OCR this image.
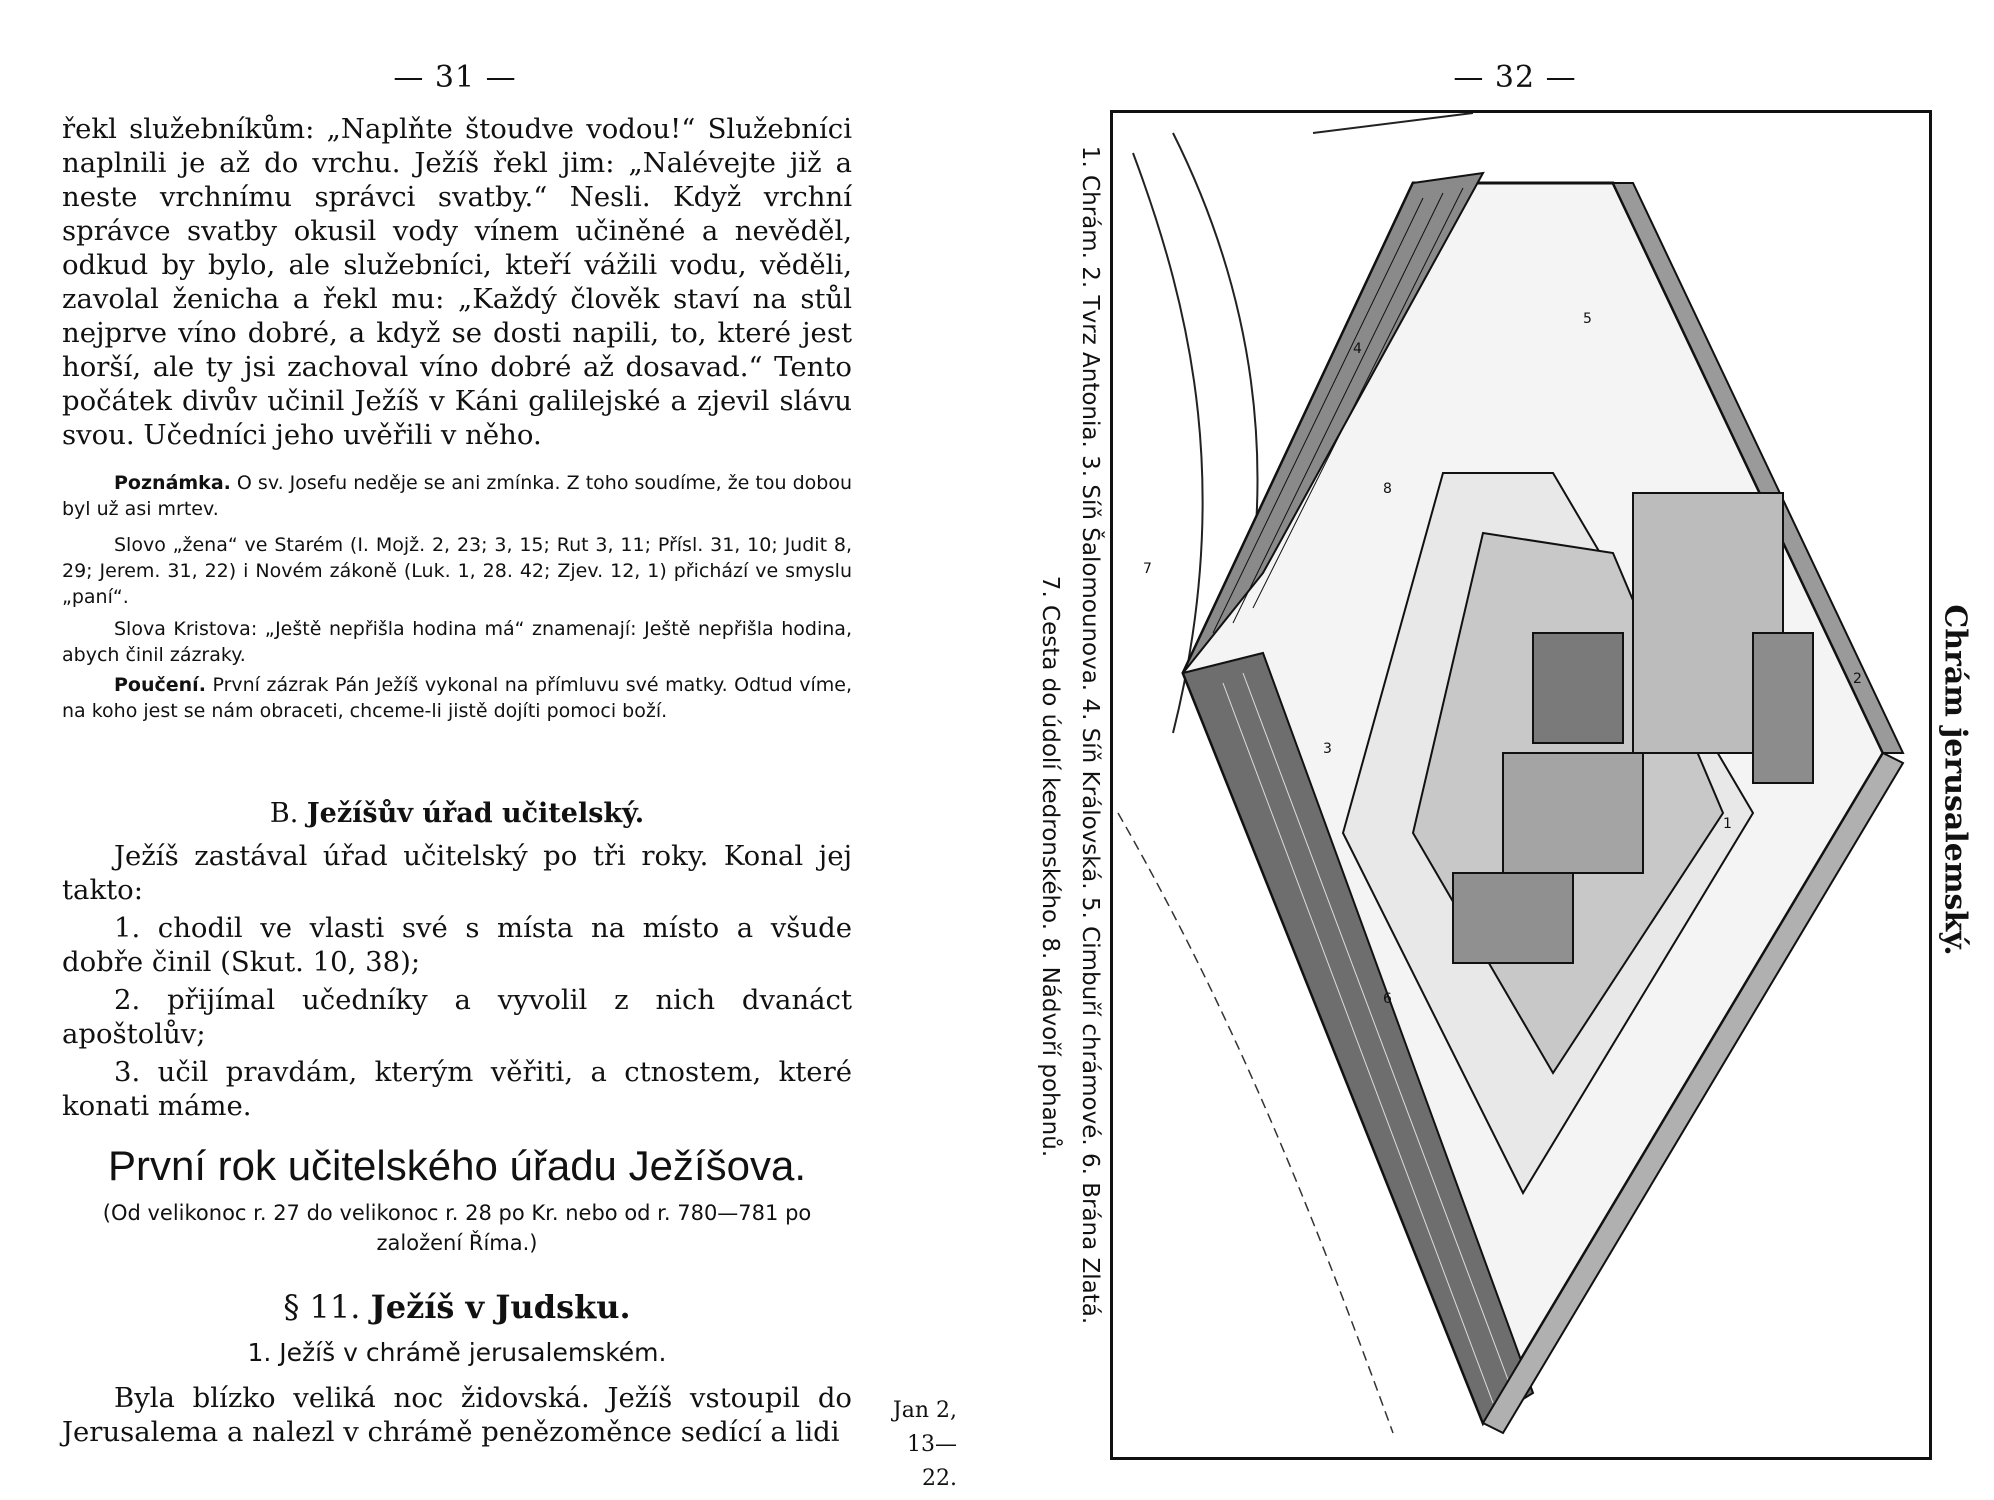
— 31 —

řekl služebníkům: „Naplňte štoudve vodou!“ Služebníci naplnili je až do vrchu. Ježíš řekl jim: „Nalévejte již a neste vrchnímu správci svatby.“ Nesli. Když vrchní správce svatby okusil vody vínem učiněné a nevěděl, odkud by bylo, ale služebníci, kteří vážili vodu, věděli, zavolal ženicha a řekl mu: „Každý člověk staví na stůl nejprve víno dobré, a když se dosti napili, to, které jest horší, ale ty jsi zachoval víno dobré až dosavad.“ Tento počátek divův učinil Ježíš v Káni galilejské a zjevil slávu svou. Učedníci jeho uvěřili v něho.

Poznámka. O sv. Josefu neděje se ani zmínka. Z toho soudíme, že tou dobou byl už asi mrtev.

Slovo „žena“ ve Starém (I. Mojž. 2, 23; 3, 15; Rut 3, 11; Přísl. 31, 10; Judit 8, 29; Jerem. 31, 22) i Novém zákoně (Luk. 1, 28. 42; Zjev. 12, 1) přichází ve smyslu „paní“.

Slova Kristova: „Ještě nepřišla hodina má“ znamenají: Ještě nepřišla hodina, abych činil zázraky.

Poučení. První zázrak Pán Ježíš vykonal na přímluvu své matky. Odtud víme, na koho jest se nám obraceti, chceme-li jistě dojíti pomoci boží.

B. Ježíšův úřad učitelský.

Ježíš zastával úřad učitelský po tři roky. Konal jej takto:

1. chodil ve vlasti své s místa na místo a všude dobře činil (Skut. 10, 38);

2. přijímal učedníky a vyvolil z nich dvanáct apoštolův;

3. učil pravdám, kterým věřiti, a ctnostem, které konati máme.

První rok učitelského úřadu Ježíšova.

(Od velikonoc r. 27 do velikonoc r. 28 po Kr. nebo od r. 780—781 po založení Říma.)

§ 11. Ježíš v Judsku.

1. Ježíš v chrámě jerusalemském.

Byla blízko veliká noc židovská. Ježíš vstoupil do Jerusalema a nalezl v chrámě penězoměnce sedící a lidi

Jan 2,
13—22.
— 32 —
1. Chrám. 2. Tvrz Antonia. 3. Síň Šalomounova. 4. Síň Královská. 5. Cimbuří chrámové. 6. Brána Zlatá.
7. Cesta do údolí kedronského. 8. Nádvoří pohanů.	1
2
3
4
5
6
7
8
Chrám jerusalemský.
